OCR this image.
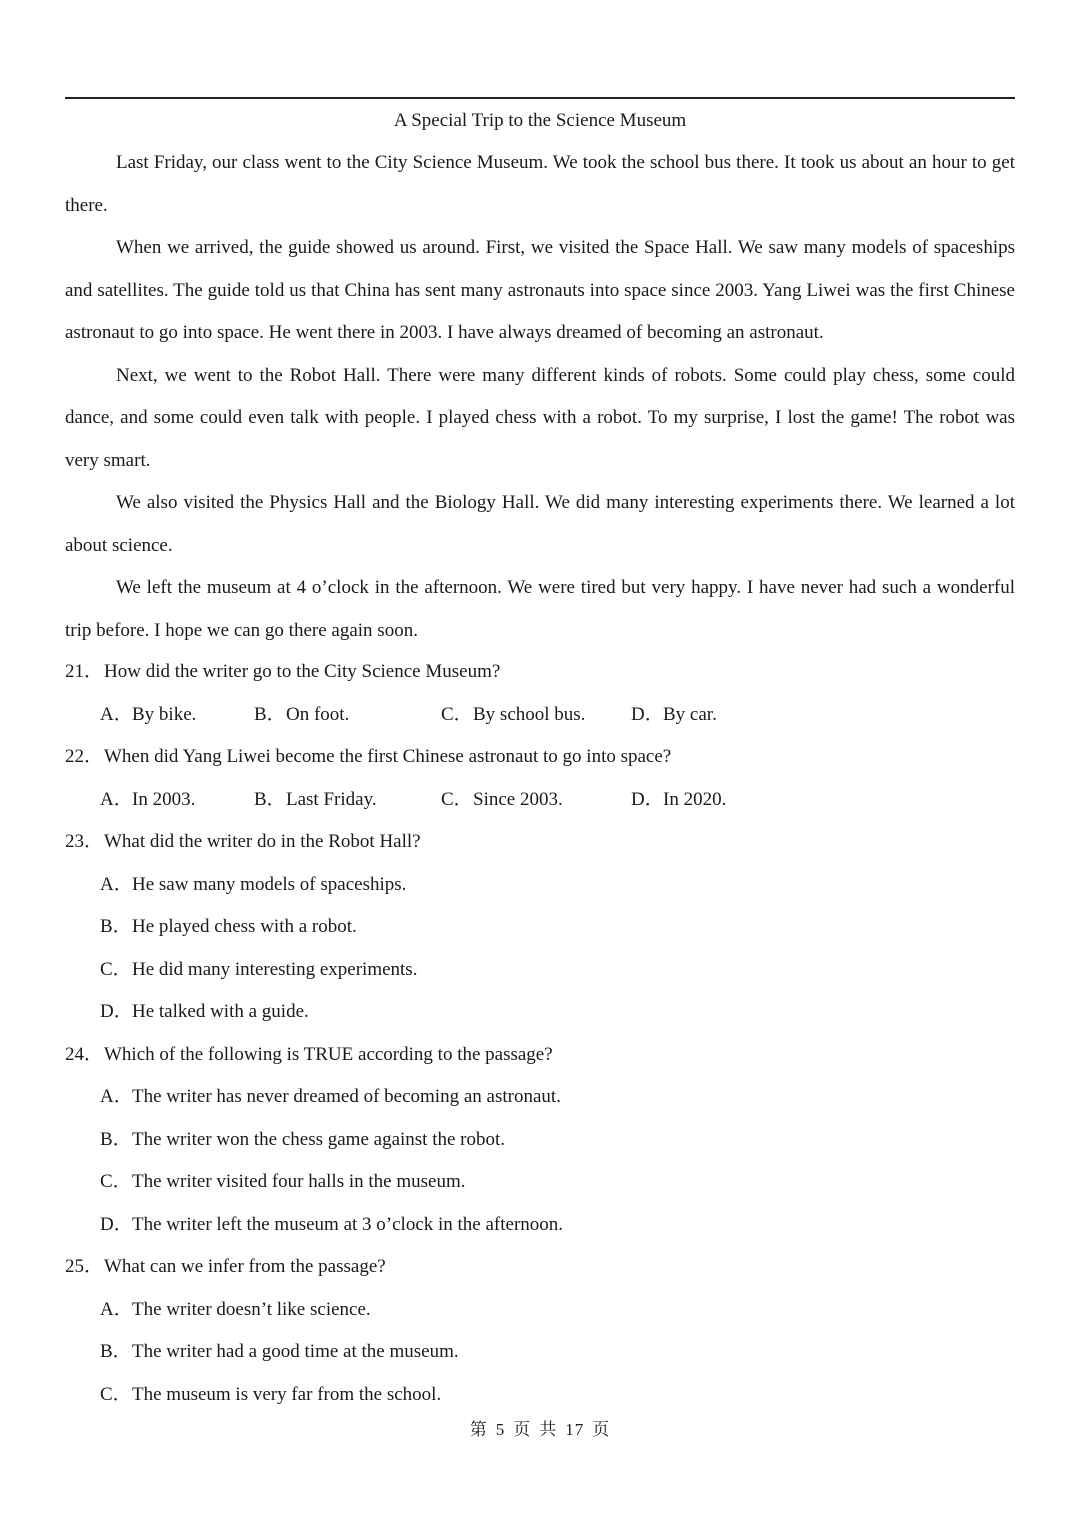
A Special Trip to the Science Museum

Last Friday, our class went to the City Science Museum. We took the school bus there. It took us about an hour to get there.

When we arrived, the guide showed us around. First, we visited the Space Hall. We saw many models of spaceships and satellites. The guide told us that China has sent many astronauts into space since 2003. Yang Liwei was the first Chinese astronaut to go into space. He went there in 2003. I have always dreamed of becoming an astronaut.

Next, we went to the Robot Hall. There were many different kinds of robots. Some could play chess, some could dance, and some could even talk with people. I played chess with a robot. To my surprise, I lost the game! The robot was very smart.

We also visited the Physics Hall and the Biology Hall. We did many interesting experiments there. We learned a lot about science.

We left the museum at 4 o’clock in the afternoon. We were tired but very happy. I have never had such a wonderful trip before. I hope we can go there again soon.

21．How did the writer go to the City Science Museum?
A．By bike.	B．On foot.	C．By school bus. D．By car.
22．When did Yang Liwei become the first Chinese astronaut to go into space?
A．In 2003.	B．Last Friday.	C．Since 2003.	D．In 2020.
23．What did the writer do in the Robot Hall?
A．He saw many models of spaceships.
B．He played chess with a robot.
C．He did many interesting experiments.
D．He talked with a guide.
24．Which of the following is TRUE according to the passage?
A．The writer has never dreamed of becoming an astronaut.
B．The writer won the chess game against the robot.
C．The writer visited four halls in the museum.
D．The writer left the museum at 3 o’clock in the afternoon.
25．What can we infer from the passage?
A．The writer doesn’t like science.
B．The writer had a good time at the museum.
C．The museum is very far from the school.
第 5 页 共 17 页
